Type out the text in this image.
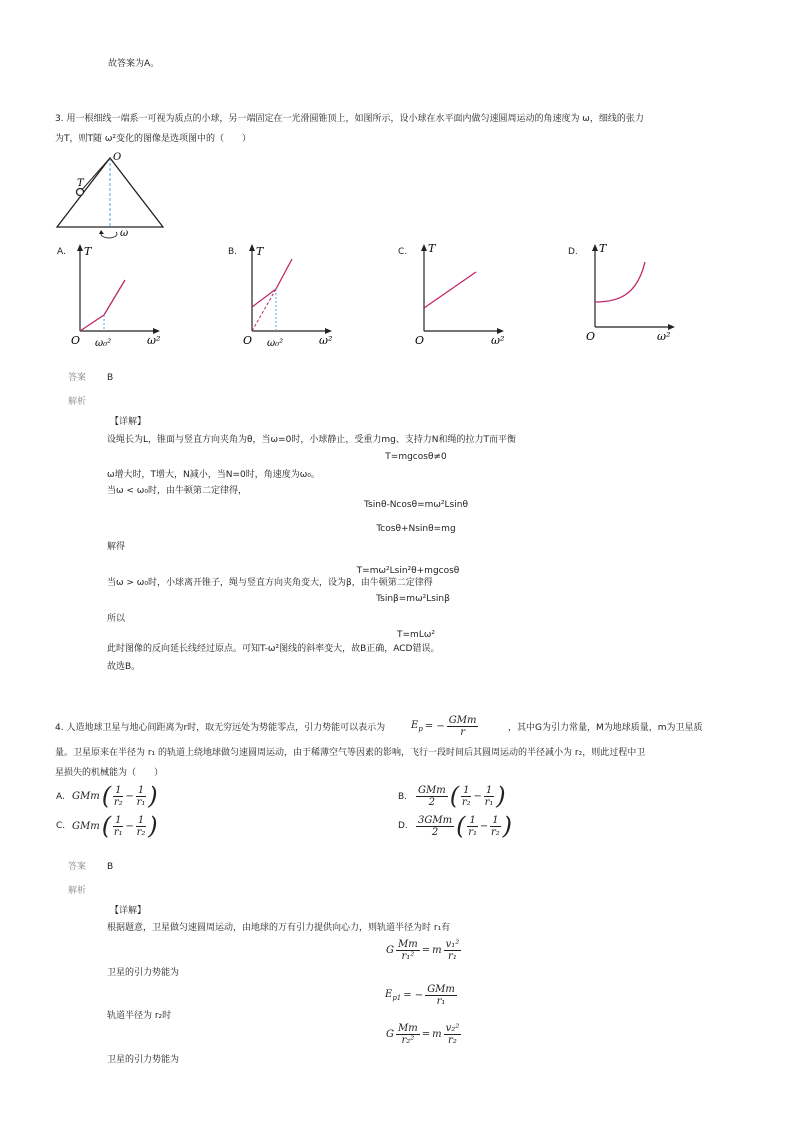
故答案为A。
3. 用一根细线一端系一可视为质点的小球，另一端固定在一光滑圆锥顶上，如图所示，设小球在水平面内做匀速圆周运动的角速度为 ω，细线的张力
为T，则T随 ω²变化的图像是选项图中的（　　）
O
T
ω
A.	B.	C.	D.
T
O ω₀²	ω²
T
O ω₀²	ω²
T
O	ω²
T
O	ω²
答案 B
解析
【详解】
设绳长为L，锥面与竖直方向夹角为θ，当ω=0时，小球静止，受重力mg、支持力N和绳的拉力T而平衡
T=mgcosθ≠0
ω增大时，T增大，N减小，当N=0时，角速度为ω₀。
当ω < ω₀时，由牛顿第二定律得，
Tsinθ-Ncosθ=mω²Lsinθ
Tcosθ+Nsinθ=mg
解得
T=mω²Lsin²θ+mgcosθ
当ω > ω₀时，小球离开锥子，绳与竖直方向夹角变大，设为β，由牛顿第二定律得
Tsinβ=mω²Lsinβ
所以
T=mLω²
此时图像的反向延长线经过原点。可知T-ω²图线的斜率变大，故B正确，ACD错误。
故选B。
4. 人造地球卫星与地心间距离为r时，取无穷远处为势能零点，引力势能可以表示为	$E_p$ = − $\frac{\text{GMm}}{r}$	，其中G为引力常量，M为地球质量，m为卫星质
量。卫星原来在半径为 r₁ 的轨道上绕地球做匀速圆周运动，由于稀薄空气等因素的影响，飞行一段时间后其圆周运动的半径减小为 r₂，则此过程中卫
星损失的机械能为（　　）
A. GMm ( $\frac{1}{\text{r₂}} - \frac{1}{\text{r₁}}$ )	B. $\frac{\text{GMm}}{2}$ ( $\frac{1}{\text{r₂}} - \frac{1}{\text{r₁}}$ )
C. GMm ( $\frac{1}{\text{r₁}} - \frac{1}{\text{r₂}}$ )	D. $\frac{\text{3GMm}}{2}$ ( $\frac{1}{\text{r₁}} - \frac{1}{\text{r₂}}$ )
答案 B
解析
【详解】
根据题意，卫星做匀速圆周运动，由地球的万有引力提供向心力，则轨道半径为时 r₁有
G $\frac{Mm}{\text{r₁²}} = m \frac{\text{v₁²}}{\text{r₁}}$
卫星的引力势能为
$E_{p1}$ = − $\frac{\text{GMm}}{\text{r₁}}$
轨道半径为 r₂时
G $\frac{Mm}{\text{r₂²}} = m \frac{\text{v₂²}}{\text{r₂}}$
卫星的引力势能为
